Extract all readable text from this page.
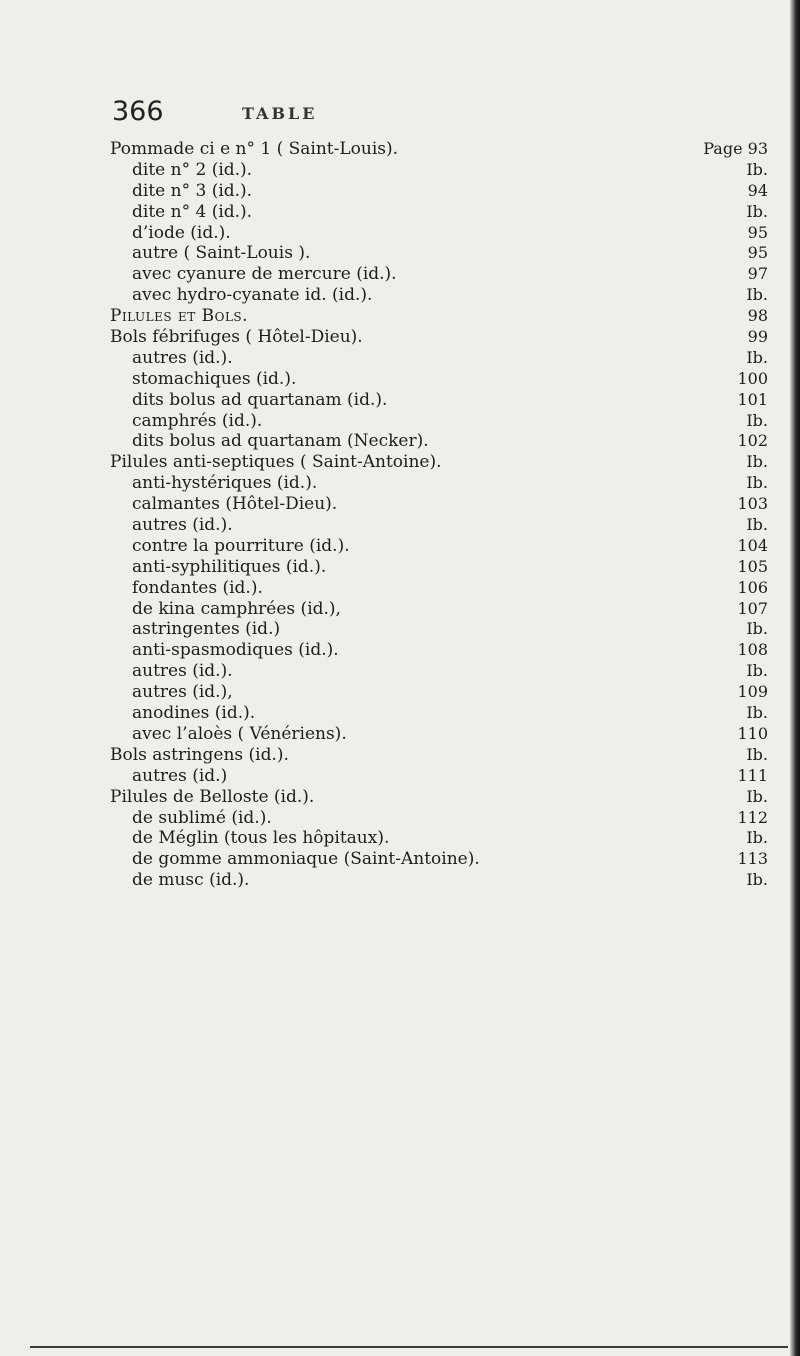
366	TABLE
Pommade ci e n° 1 ( Saint-Louis).	Page 93
dite n° 2 (id.).	Ib.
dite n° 3 (id.).	94
dite n° 4 (id.).	Ib.
d’iode (id.).	95
autre ( Saint-Louis ).	95
avec cyanure de mercure (id.).	97
avec hydro-cyanate id. (id.).	Ib.
Pilules et Bols.	98
Bols fébrifuges ( Hôtel-Dieu).	99
autres (id.).	Ib.
stomachiques (id.).	100
dits bolus ad quartanam (id.).	101
camphrés (id.).	Ib.
dits bolus ad quartanam (Necker).	102
Pilules anti-septiques ( Saint-Antoine).	Ib.
anti-hystériques (id.).	Ib.
calmantes (Hôtel-Dieu).	103
autres (id.).	Ib.
contre la pourriture (id.).	104
anti-syphilitiques (id.).	105
fondantes (id.).	106
de kina camphrées (id.),	107
astringentes (id.)	Ib.
anti-spasmodiques (id.).	108
autres (id.).	Ib.
autres (id.),	109
anodines (id.).	Ib.
avec l’aloès ( Vénériens).	110
Bols astringens (id.).	Ib.
autres (id.)	111
Pilules de Belloste (id.).	Ib.
de sublimé (id.).	112
de Méglin (tous les hôpitaux).	Ib.
de gomme ammoniaque (Saint-Antoine).	113
de musc (id.).	Ib.
